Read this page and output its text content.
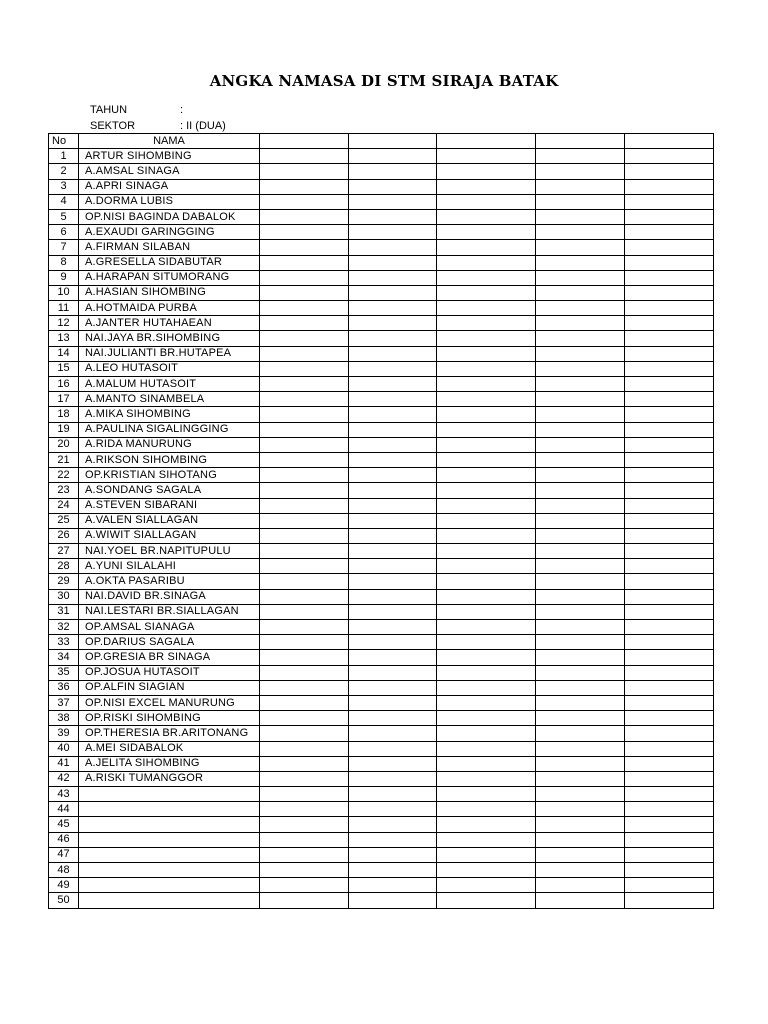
ANGKA NAMASA DI STM SIRAJA BATAK
TAHUN	:
SEKTOR	: II (DUA)
No	NAMA					
1	ARTUR SIHOMBING					
2	A.AMSAL SINAGA					
3	A.APRI SINAGA					
4	A.DORMA LUBIS					
5	OP.NISI BAGINDA DABALOK					
6	A.EXAUDI GARINGGING					
7	A.FIRMAN SILABAN					
8	A.GRESELLA SIDABUTAR					
9	A.HARAPAN SITUMORANG					
10	A.HASIAN SIHOMBING					
11	A.HOTMAIDA PURBA					
12	A.JANTER HUTAHAEAN					
13	NAI.JAYA BR.SIHOMBING					
14	NAI.JULIANTI BR.HUTAPEA					
15	A.LEO HUTASOIT					
16	A.MALUM HUTASOIT					
17	A.MANTO SINAMBELA					
18	A.MIKA SIHOMBING					
19	A.PAULINA SIGALINGGING					
20	A.RIDA MANURUNG					
21	A.RIKSON SIHOMBING					
22	OP.KRISTIAN SIHOTANG					
23	A.SONDANG SAGALA					
24	A.STEVEN SIBARANI					
25	A.VALEN SIALLAGAN					
26	A.WIWIT SIALLAGAN					
27	NAI.YOEL BR.NAPITUPULU					
28	A.YUNI SILALAHI					
29	A.OKTA PASARIBU					
30	NAI.DAVID BR.SINAGA					
31	NAI.LESTARI BR.SIALLAGAN					
32	OP.AMSAL SIANAGA					
33	OP.DARIUS SAGALA					
34	OP.GRESIA BR SINAGA					
35	OP.JOSUA HUTASOIT					
36	OP.ALFIN SIAGIAN					
37	OP.NISI EXCEL MANURUNG					
38	OP.RISKI SIHOMBING					
39	OP.THERESIA BR.ARITONANG					
40	A.MEI SIDABALOK					
41	A.JELITA SIHOMBING					
42	A.RISKI TUMANGGOR					
43						
44						
45						
46						
47						
48						
49						
50						
